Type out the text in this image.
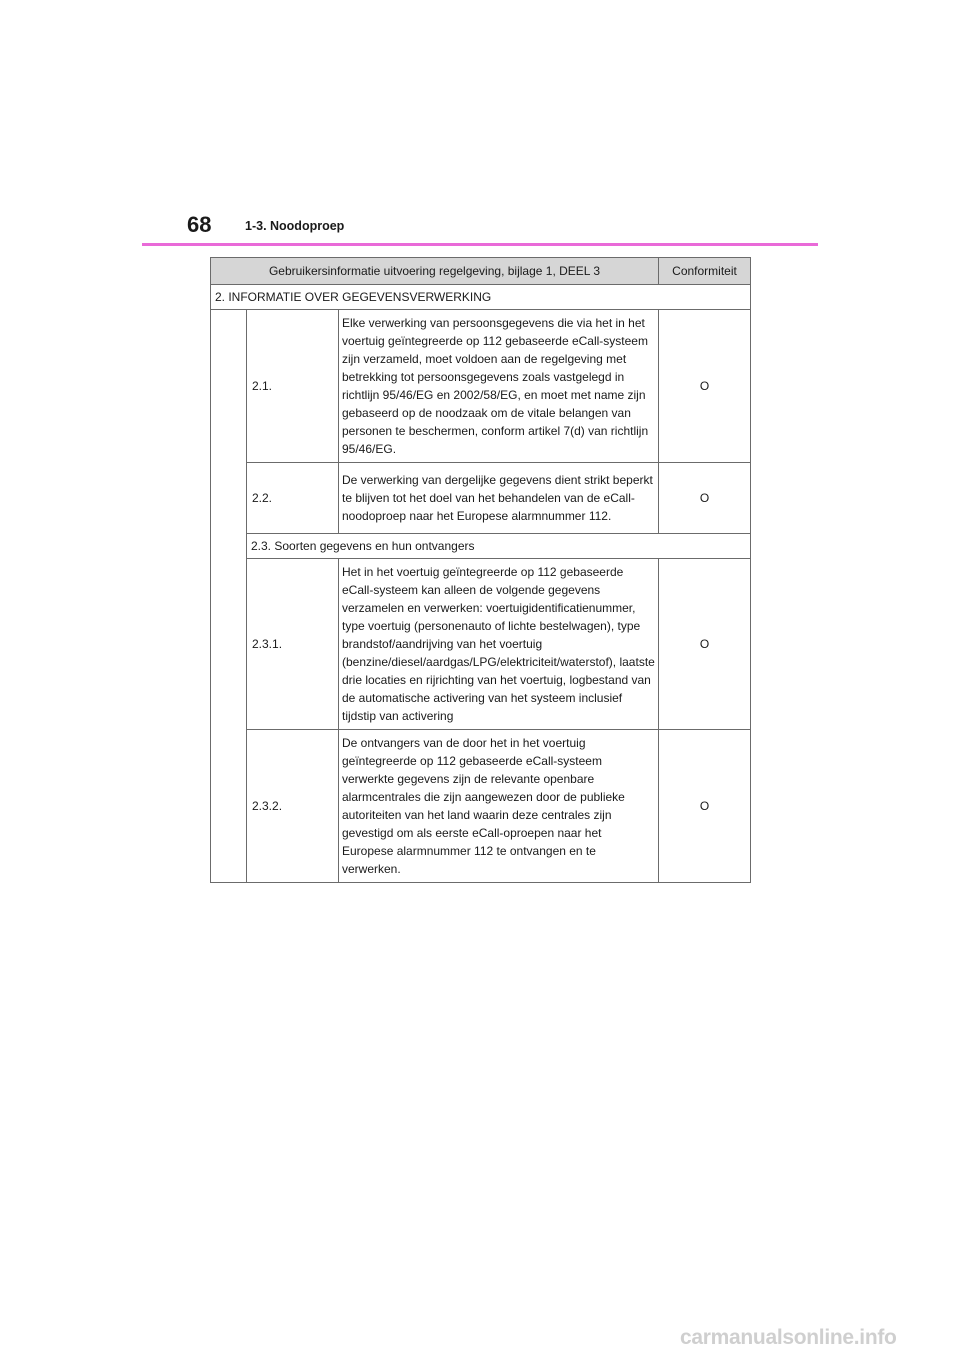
68	1-3. Noodoproep
Gebruikersinformatie uitvoering regelgeving, bijlage 1, DEEL 3			Conformiteit
2. INFORMATIE OVER GEGEVENSVERWERKING			
	2.1.	Elke verwerking van persoonsgegevens die via het in het voertuig geïntegreerde op 112 gebaseerde eCall-systeem zijn verzameld, moet voldoen aan de regelgeving met betrekking tot persoonsgegevens zoals vastgelegd in richtlijn 95/46/EG en 2002/58/EG, en moet met name zijn gebaseerd op de noodzaak om de vitale belangen van personen te beschermen, conform artikel 7(d) van richtlijn 95/46/EG.	O
	2.2.	De verwerking van dergelijke gegevens dient strikt beperkt te blijven tot het doel van het behandelen van de eCall-noodoproep naar het Europese alarmnummer 112.	O
	2.3. Soorten gegevens en hun ontvangers		
	2.3.1.	Het in het voertuig geïntegreerde op 112 gebaseerde eCall-systeem kan alleen de volgende gegevens verzamelen en verwerken: voertuigidentificatienummer, type voertuig (personenauto of lichte bestelwagen), type brandstof/aandrijving van het voertuig (benzine/diesel/aardgas/LPG/elektriciteit/waterstof), laatste drie locaties en rijrichting van het voertuig, logbestand van de automatische activering van het systeem inclusief tijdstip van activering	O
	2.3.2.	De ontvangers van de door het in het voertuig geïntegreerde op 112 gebaseerde eCall-systeem verwerkte gegevens zijn de relevante openbare alarmcentrales die zijn aangewezen door de publieke autoriteiten van het land waarin deze centrales zijn gevestigd om als eerste eCall-oproepen naar het Europese alarmnummer 112 te ontvangen en te verwerken.	O
carmanualsonline.info
